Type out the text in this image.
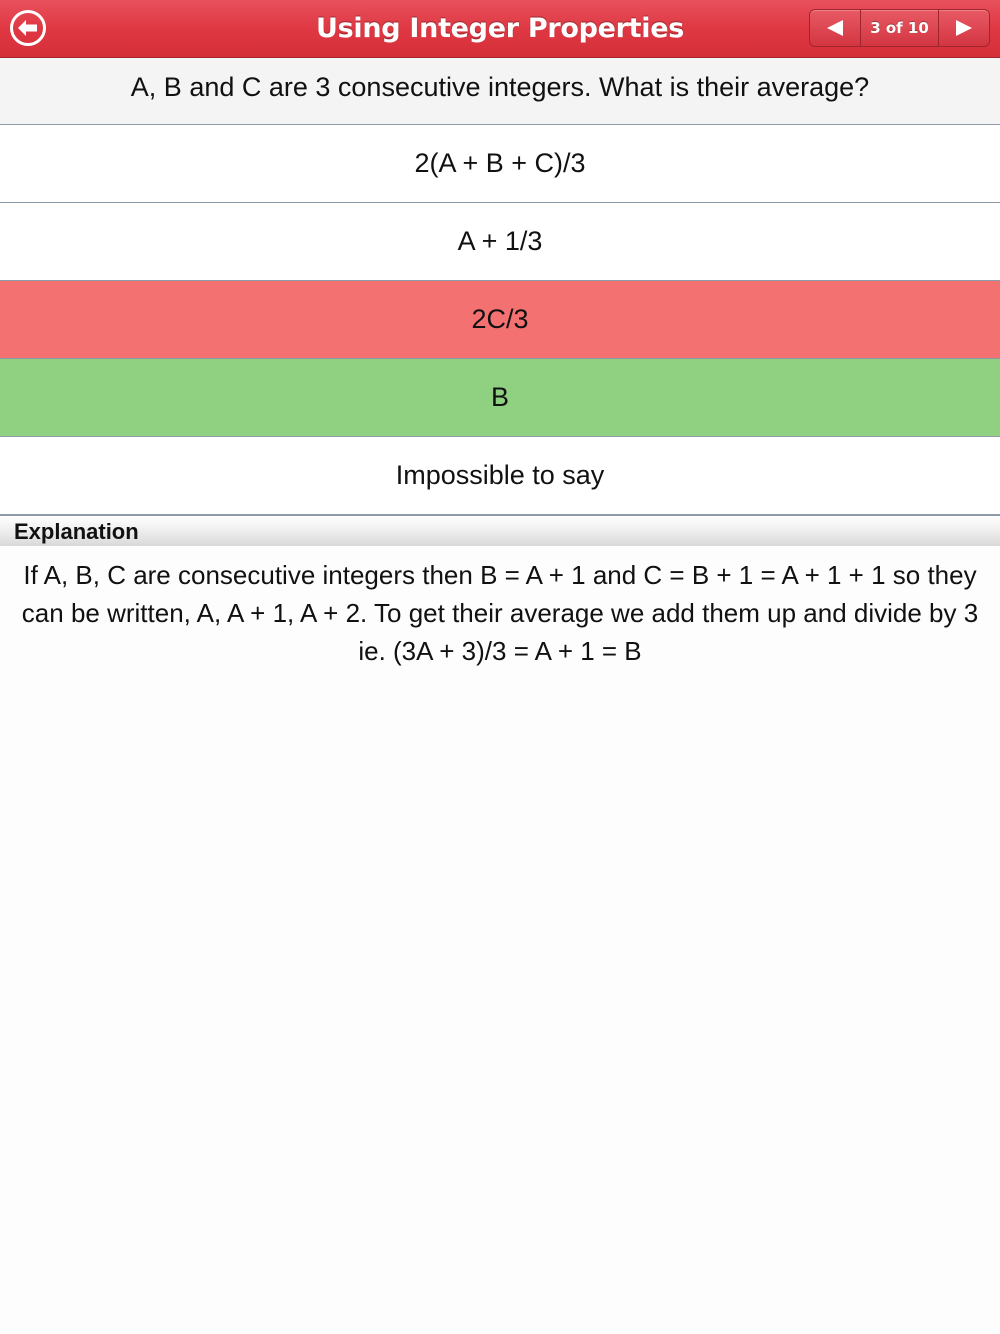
Using Integer Properties	3 of 10
A, B and C are 3 consecutive integers. What is their average?
2(A + B + C)/3
A + 1/3
2C/3
B
Impossible to say
Explanation
If A, B, C are consecutive integers then B = A + 1 and C = B + 1 = A + 1 + 1 so they can be written, A, A + 1, A + 2. To get their average we add them up and divide by 3 ie. (3A + 3)/3 = A + 1 = B
